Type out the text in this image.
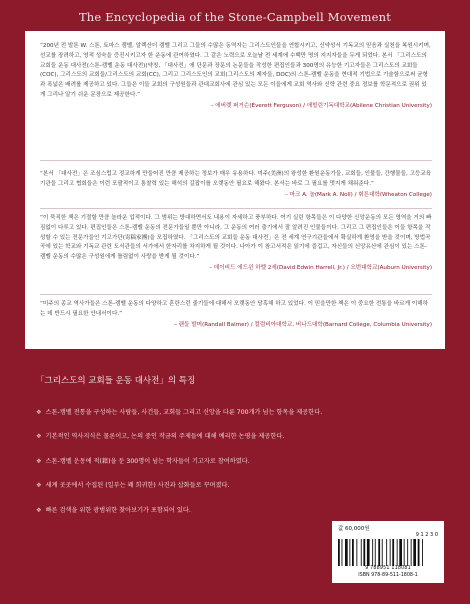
The Encyclopedia of the Stone-Campbell Movement

“200년 전 발톤 W. 스톤, 토마스 캠벨, 알렉산더 캠벨 그리고 그들의 수많은 동역자는 그리스도인들을 연합시키고, 신약성서 기독교의 믿음과 실천을 복원시키며, 선교를 장려하고, 영적 성숙을 증진시키고자 한 운동에 관여하였다. 그 같은 노력으로 오늘날 전 세계에 수백만 명의 지지자들을 두게 되었다. 본서 「그리스도의 교회들 운동 대사전(스톤-캠벨 운동 대사전)(약칭, 「대사전」에 단문과 장문의 논문들을 작성한 편집인들과 300명의 유능한 기고자들은 그리스도의 교회들(COC), 그리스도의 교회들/그리스도의 교회(CC), 그리고 그리스도인의 교회(그리스도의 제자들, DOC)의 스톤-캠벨 운동을 현대적 기법으로 기술함으로써 균형과 폭넓은 배려를 제공하고 있다. 그들은 이들 교회의 구성원들과 관대교회사에 관심 있는 모든 이들에게 교회 역사와 신학 관련 중요 정보를 학문적으로 권위 있게 그리나 알기 쉬운 문장으로 제공한다.”

– 에버렛 퍼거슨(Everett Ferguson) / 애빌린기독대학교(Abilene Christian University)

“본서 「대사전」은 조심스럽고 정교하게 만들어진 만큼 제공하는 정보가 매우 유용하다. 미주(美洲)의 왕성한 환원운동가들, 교회들, 인물들, 간행물들, 고등교육기관들 그리고 협회들은 이런 포괄적이고 통찰력 있는 해석의 길잡이를 오랫동안 필요로 해왔다. 본서는 바로 그 필요를 멋지게 채워준다.”

– 마크 A. 놀(Mark A. Noll) / 휘튼대학(Wheaton College)

“이 묵직한 책은 기절할 만큼 놀라운 업적이다. 그 범위는 방대하면서도 내용이 자세하고 풍부하다. 여기 실린 항목들은 이 다양한 신앙운동의 모든 영역을 거의 빠짐없이 다루고 있다. 편집인들은 스톤-캠벨 운동의 전문가들일 뿐만 아니라, 그 운동의 여러 출기에서 잘 알려진 인물들이다. 그리고 그 편집인들은 이들 항목을 작성할 수 있는 전문가들인 기고가단(寄稿家團)을 모집하였다. 「그리스도의 교회들 운동 대사전」은 전 세계 연구기관들에서 확실하게 환영을 받을 것이며, 방법곡곡에 있는 학교와 기독교 관련 도서관들의 서가에서 한자리를 차지하게 될 것이다. 나아가 이 참고서적은 읽기에 즐겁고, 자신들의 신앙유산에 관심이 있는 스톤-캠벨 운동의 수많은 구성원에게 틀림없이 사랑을 받게 될 것이다.”

– 데이비드 에드윈 하렐 2세(David Edwin Harrell, Jr.) / 오번대학교(Auburn University)

“미주의 종교 역사가들은 스톤-캠벨 운동의 다양하고 혼란스런 줄기들에 대해서 오랫동안 당혹해 하고 있었다. 이 믿을만한 책은 이 중요한 전통을 바르게 이해하는 데 반드시 필요한 안내서이다.”

– 랜들 발머(Randall Balmer) / 컬럼비아대학교, 버나드대학(Barnard College, Columbia University)
「그리스도의 교회들 운동 대사전」의 특징
❖ 스톤-캠벨 전통을 구성하는 사람들, 사건들, 교회들 그리고 신앙을 다룬 700개가 넘는 항목을 제공한다.
❖ 기본적인 역사지식은 물론이고, 논의 중인 작금의 주제들에 대해 예리한 논평을 제공한다.
❖ 스톤-캠벨 운동에 적(籍)을 둔 300명이 넘는 학자들이 기고자로 참여하였다.
❖ 세계 곳곳에서 수집된 (일부는 꽤 희귀한) 사진과 삽화들로 꾸며졌다.
❖ 빠른 검색을 위한 광범위한 찾아보기가 포함되어 있다.
값 60,000원
9 1 2 3 0
9 788951 118081
ISBN 978-89-511-1808-1
